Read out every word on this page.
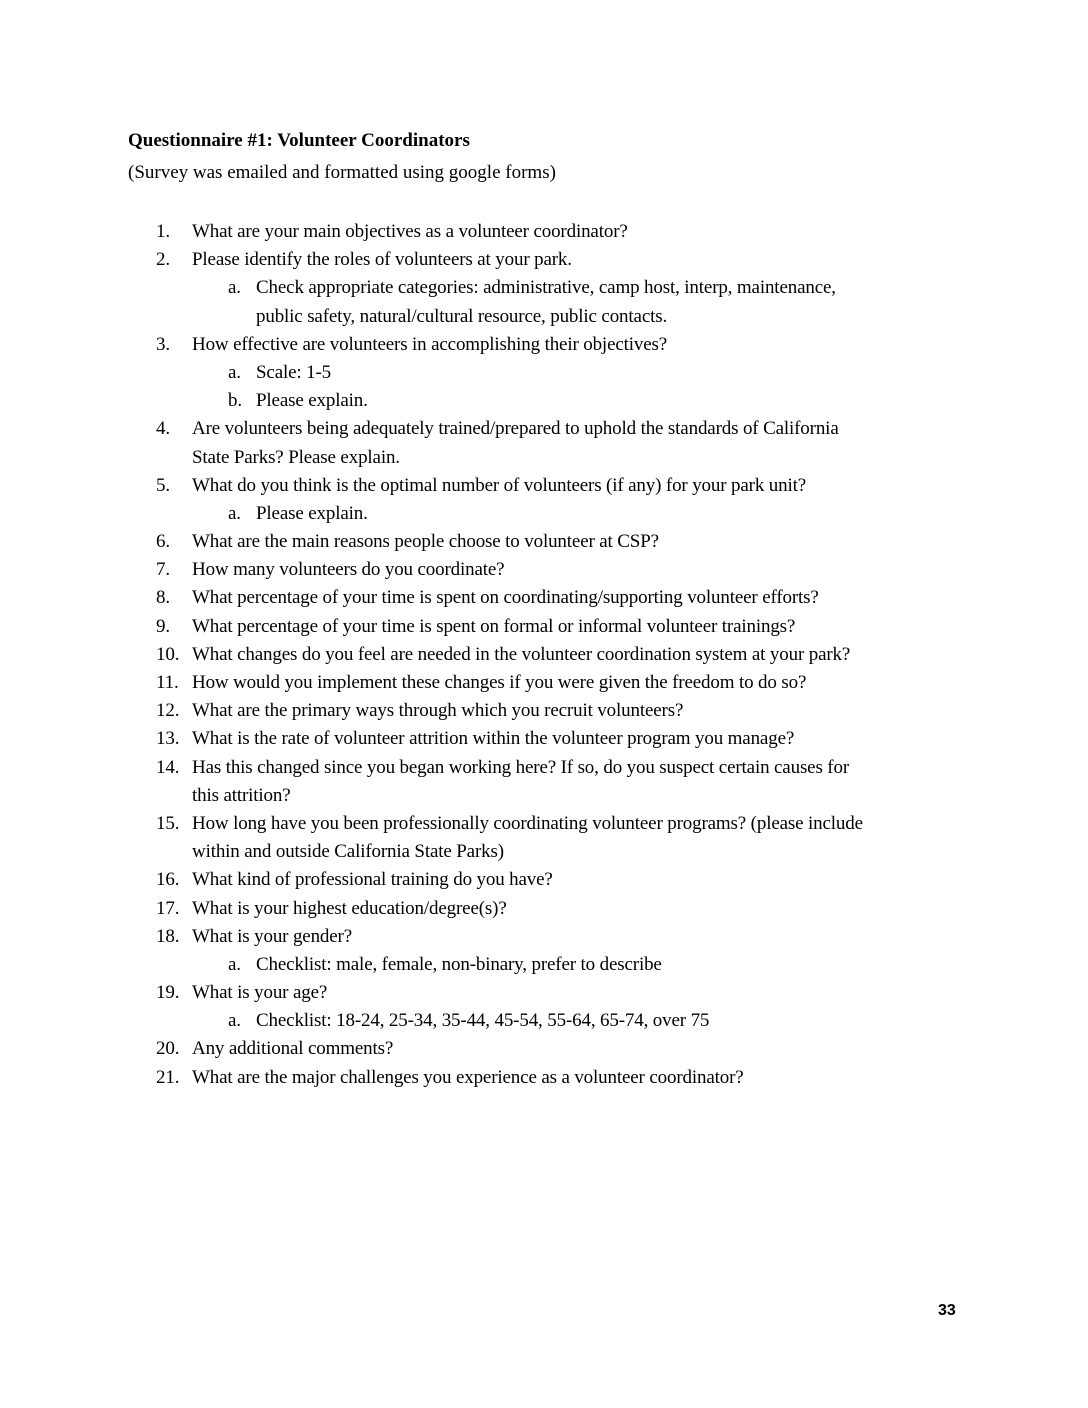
Questionnaire #1: Volunteer Coordinators
(Survey was emailed and formatted using google forms)
1.	What are your main objectives as a volunteer coordinator?
2.	Please identify the roles of volunteers at your park.
a. Check appropriate categories: administrative, camp host, interp, maintenance,
public safety, natural/cultural resource, public contacts.
3.	How effective are volunteers in accomplishing their objectives?
a. Scale: 1-5
b. Please explain.
4.	Are volunteers being adequately trained/prepared to uphold the standards of California
State Parks? Please explain.
5.	What do you think is the optimal number of volunteers (if any) for your park unit?
a. Please explain.
6.	What are the main reasons people choose to volunteer at CSP?
7.	How many volunteers do you coordinate?
8.	What percentage of your time is spent on coordinating/supporting volunteer efforts?
9.	What percentage of your time is spent on formal or informal volunteer trainings?
10. What changes do you feel are needed in the volunteer coordination system at your park?
11. How would you implement these changes if you were given the freedom to do so?
12. What are the primary ways through which you recruit volunteers?
13. What is the rate of volunteer attrition within the volunteer program you manage?
14. Has this changed since you began working here? If so, do you suspect certain causes for
this attrition?
15. How long have you been professionally coordinating volunteer programs? (please include
within and outside California State Parks)
16. What kind of professional training do you have?
17. What is your highest education/degree(s)?
18. What is your gender?
a. Checklist: male, female, non-binary, prefer to describe
19. What is your age?
a. Checklist: 18-24, 25-34, 35-44, 45-54, 55-64, 65-74, over 75
20. Any additional comments?
21. What are the major challenges you experience as a volunteer coordinator?
33
